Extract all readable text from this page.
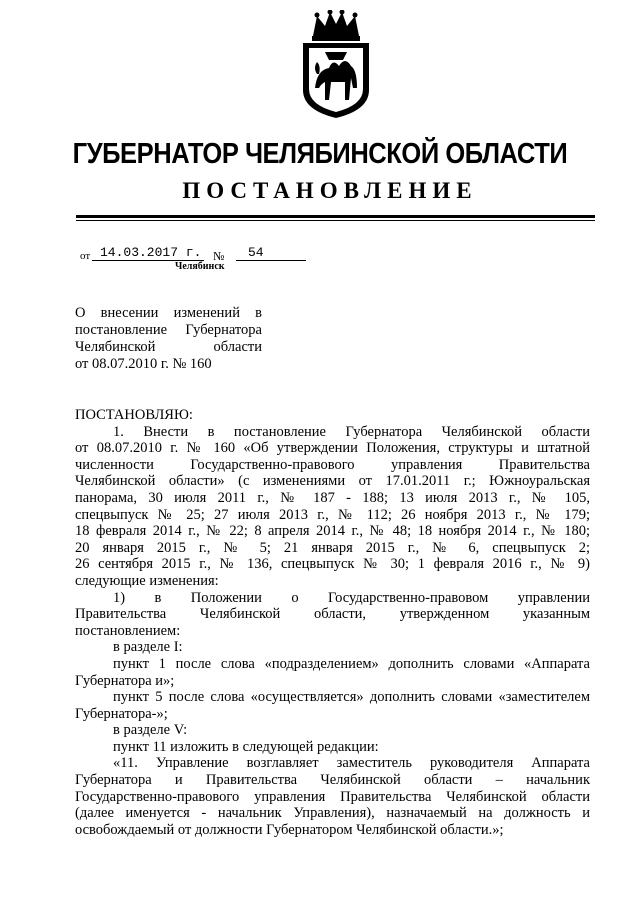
ГУБЕРНАТОР ЧЕЛЯБИНСКОЙ ОБЛАСТИ
ПОСТАНОВЛЕНИЕ
от 14.03.2017 г. №	54
Челябинск
О внесении изменений в
постановление Губернатора
Челябинской области
от 08.07.2010 г. № 160
ПОСТАНОВЛЯЮ:
1. Внести в постановление Губернатора Челябинской области
от 08.07.2010 г. № 160 «Об утверждении Положения, структуры и штатной
численности Государственно-правового управления Правительства
Челябинской области» (с изменениями от 17.01.2011 г.; Южноуральская
панорама, 30 июля 2011 г., № 187 - 188; 13 июля 2013 г., № 105,
спецвыпуск № 25; 27 июля 2013 г., № 112; 26 ноября 2013 г., № 179;
18 февраля 2014 г., № 22; 8 апреля 2014 г., № 48; 18 ноября 2014 г., № 180;
20 января 2015 г., № 5; 21 января 2015 г., № 6, спецвыпуск 2;
26 сентября 2015 г., № 136, спецвыпуск № 30; 1 февраля 2016 г., № 9)
следующие изменения:
1) в Положении о Государственно-правовом управлении
Правительства Челябинской области, утвержденном указанным
постановлением:
в разделе I:
пункт 1 после слова «подразделением» дополнить словами «Аппарата
Губернатора и»;
пункт 5 после слова «осуществляется» дополнить словами «заместителем
Губернатора-»;
в разделе V:
пункт 11 изложить в следующей редакции:
«11. Управление возглавляет заместитель руководителя Аппарата
Губернатора и Правительства Челябинской области – начальник
Государственно-правового управления Правительства Челябинской области
(далее именуется - начальник Управления), назначаемый на должность и
освобождаемый от должности Губернатором Челябинской области.»;
